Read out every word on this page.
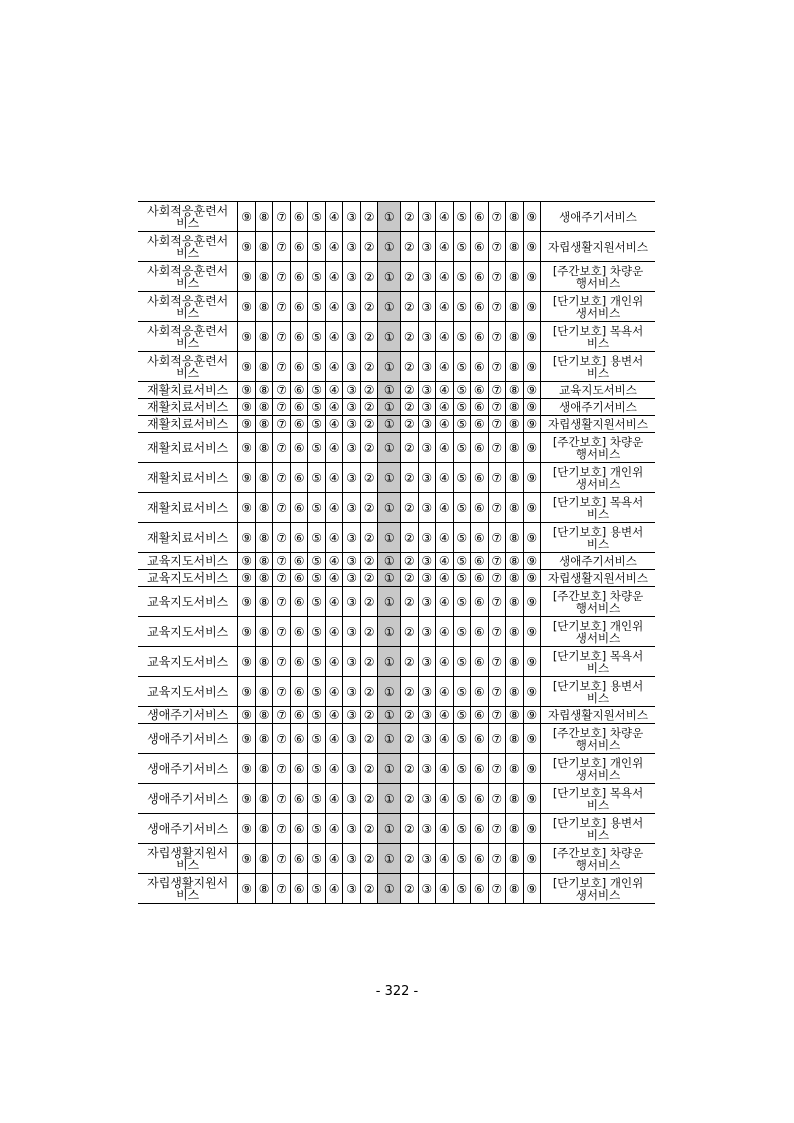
사회적응훈련서
비스	⑨	⑧	⑦	⑥	⑤	④	③	②	①	②	③	④	⑤	⑥	⑦	⑧	⑨	생애주기서비스
사회적응훈련서
비스	⑨	⑧	⑦	⑥	⑤	④	③	②	①	②	③	④	⑤	⑥	⑦	⑧	⑨	자립생활지원서비스
사회적응훈련서
비스	⑨	⑧	⑦	⑥	⑤	④	③	②	①	②	③	④	⑤	⑥	⑦	⑧	⑨	[주간보호] 차량운
행서비스
사회적응훈련서
비스	⑨	⑧	⑦	⑥	⑤	④	③	②	①	②	③	④	⑤	⑥	⑦	⑧	⑨	[단기보호] 개인위
생서비스
사회적응훈련서
비스	⑨	⑧	⑦	⑥	⑤	④	③	②	①	②	③	④	⑤	⑥	⑦	⑧	⑨	[단기보호] 목욕서
비스
사회적응훈련서
비스	⑨	⑧	⑦	⑥	⑤	④	③	②	①	②	③	④	⑤	⑥	⑦	⑧	⑨	[단기보호] 용변서
비스
재활치료서비스	⑨	⑧	⑦	⑥	⑤	④	③	②	①	②	③	④	⑤	⑥	⑦	⑧	⑨	교육지도서비스
재활치료서비스	⑨	⑧	⑦	⑥	⑤	④	③	②	①	②	③	④	⑤	⑥	⑦	⑧	⑨	생애주기서비스
재활치료서비스	⑨	⑧	⑦	⑥	⑤	④	③	②	①	②	③	④	⑤	⑥	⑦	⑧	⑨	자립생활지원서비스
재활치료서비스	⑨	⑧	⑦	⑥	⑤	④	③	②	①	②	③	④	⑤	⑥	⑦	⑧	⑨	[주간보호] 차량운
행서비스
재활치료서비스	⑨	⑧	⑦	⑥	⑤	④	③	②	①	②	③	④	⑤	⑥	⑦	⑧	⑨	[단기보호] 개인위
생서비스
재활치료서비스	⑨	⑧	⑦	⑥	⑤	④	③	②	①	②	③	④	⑤	⑥	⑦	⑧	⑨	[단기보호] 목욕서
비스
재활치료서비스	⑨	⑧	⑦	⑥	⑤	④	③	②	①	②	③	④	⑤	⑥	⑦	⑧	⑨	[단기보호] 용변서
비스
교육지도서비스	⑨	⑧	⑦	⑥	⑤	④	③	②	①	②	③	④	⑤	⑥	⑦	⑧	⑨	생애주기서비스
교육지도서비스	⑨	⑧	⑦	⑥	⑤	④	③	②	①	②	③	④	⑤	⑥	⑦	⑧	⑨	자립생활지원서비스
교육지도서비스	⑨	⑧	⑦	⑥	⑤	④	③	②	①	②	③	④	⑤	⑥	⑦	⑧	⑨	[주간보호] 차량운
행서비스
교육지도서비스	⑨	⑧	⑦	⑥	⑤	④	③	②	①	②	③	④	⑤	⑥	⑦	⑧	⑨	[단기보호] 개인위
생서비스
교육지도서비스	⑨	⑧	⑦	⑥	⑤	④	③	②	①	②	③	④	⑤	⑥	⑦	⑧	⑨	[단기보호] 목욕서
비스
교육지도서비스	⑨	⑧	⑦	⑥	⑤	④	③	②	①	②	③	④	⑤	⑥	⑦	⑧	⑨	[단기보호] 용변서
비스
생애주기서비스	⑨	⑧	⑦	⑥	⑤	④	③	②	①	②	③	④	⑤	⑥	⑦	⑧	⑨	자립생활지원서비스
생애주기서비스	⑨	⑧	⑦	⑥	⑤	④	③	②	①	②	③	④	⑤	⑥	⑦	⑧	⑨	[주간보호] 차량운
행서비스
생애주기서비스	⑨	⑧	⑦	⑥	⑤	④	③	②	①	②	③	④	⑤	⑥	⑦	⑧	⑨	[단기보호] 개인위
생서비스
생애주기서비스	⑨	⑧	⑦	⑥	⑤	④	③	②	①	②	③	④	⑤	⑥	⑦	⑧	⑨	[단기보호] 목욕서
비스
생애주기서비스	⑨	⑧	⑦	⑥	⑤	④	③	②	①	②	③	④	⑤	⑥	⑦	⑧	⑨	[단기보호] 용변서
비스
자립생활지원서
비스	⑨	⑧	⑦	⑥	⑤	④	③	②	①	②	③	④	⑤	⑥	⑦	⑧	⑨	[주간보호] 차량운
행서비스
자립생활지원서
비스	⑨	⑧	⑦	⑥	⑤	④	③	②	①	②	③	④	⑤	⑥	⑦	⑧	⑨	[단기보호] 개인위
생서비스
- 322 -
